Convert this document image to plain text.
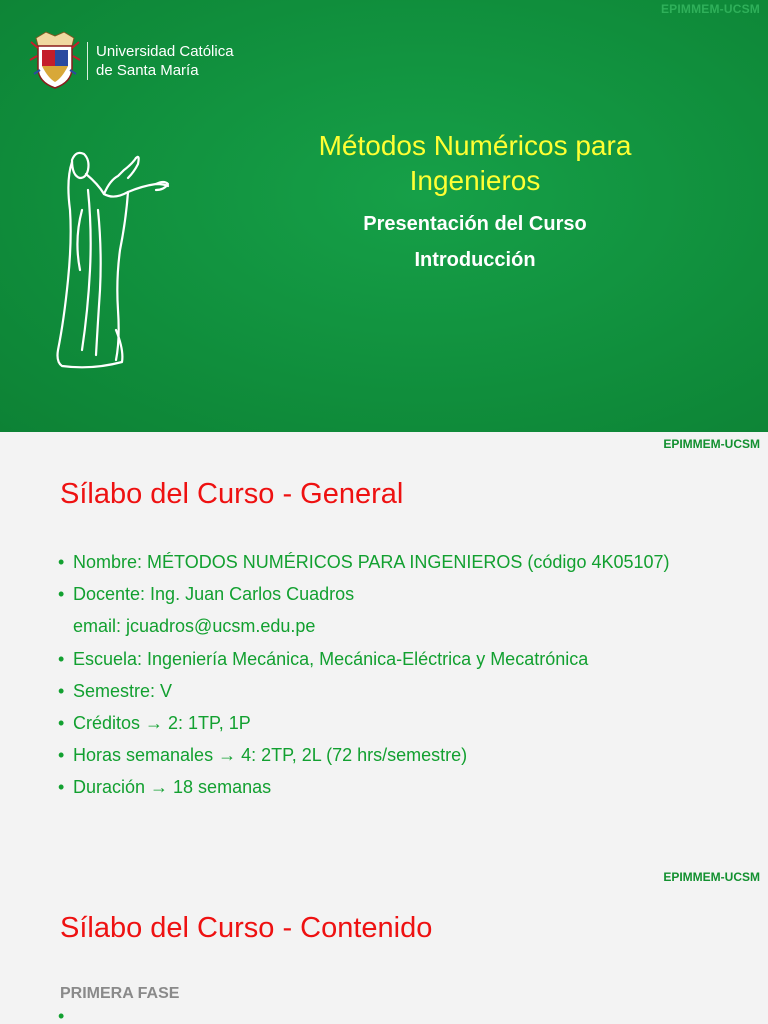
EPIMMEM-UCSM
Universidad Católica
de Santa María
Métodos Numéricos para
Ingenieros
Presentación del Curso
Introducción
EPIMMEM-UCSM
Sílabo del Curso - General
• Nombre: MÉTODOS NUMÉRICOS PARA INGENIEROS (código 4K05107)
• Docente: Ing. Juan Carlos Cuadros
email: jcuadros@ucsm.edu.pe
• Escuela: Ingeniería Mecánica, Mecánica-Eléctrica y Mecatrónica
• Semestre: V
• Créditos → 2: 1TP, 1P
• Horas semanales → 4: 2TP, 2L (72 hrs/semestre)
• Duración → 18 semanas
EPIMMEM-UCSM
Sílabo del Curso - Contenido
PRIMERA FASE
•
